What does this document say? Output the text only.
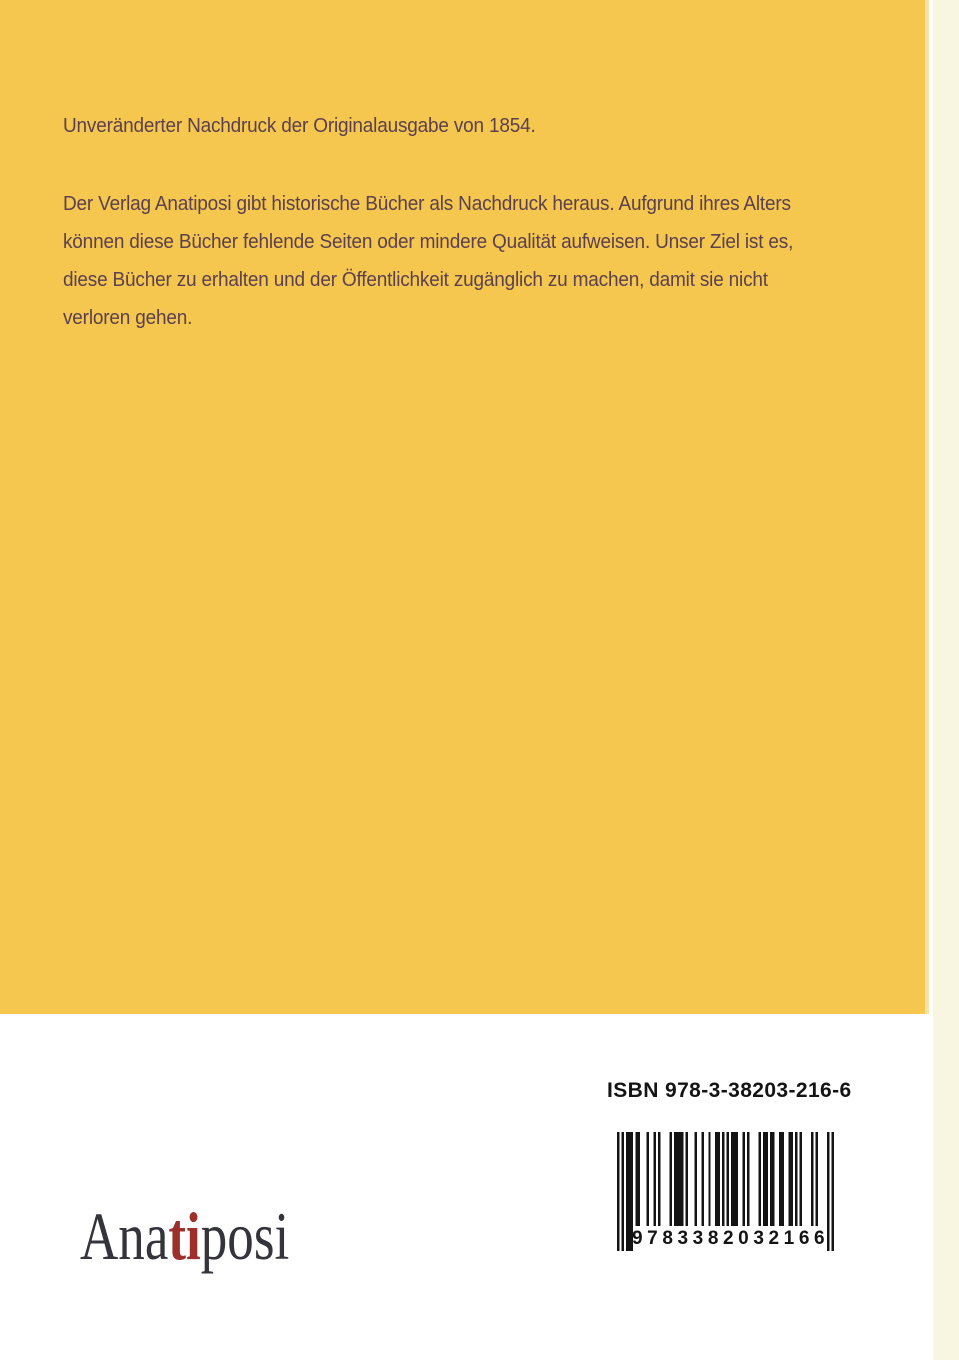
Unveränderter Nachdruck der Originalausgabe von 1854.
Der Verlag Anatiposi gibt historische Bücher als Nachdruck heraus. Aufgrund ihres Alters
können diese Bücher fehlende Seiten oder mindere Qualität aufweisen. Unser Ziel ist es,
diese Bücher zu erhalten und der Öffentlichkeit zugänglich zu machen, damit sie nicht
verloren gehen.
ISBN 978-3-38203-216-6
9783382032166
Anatiposi
